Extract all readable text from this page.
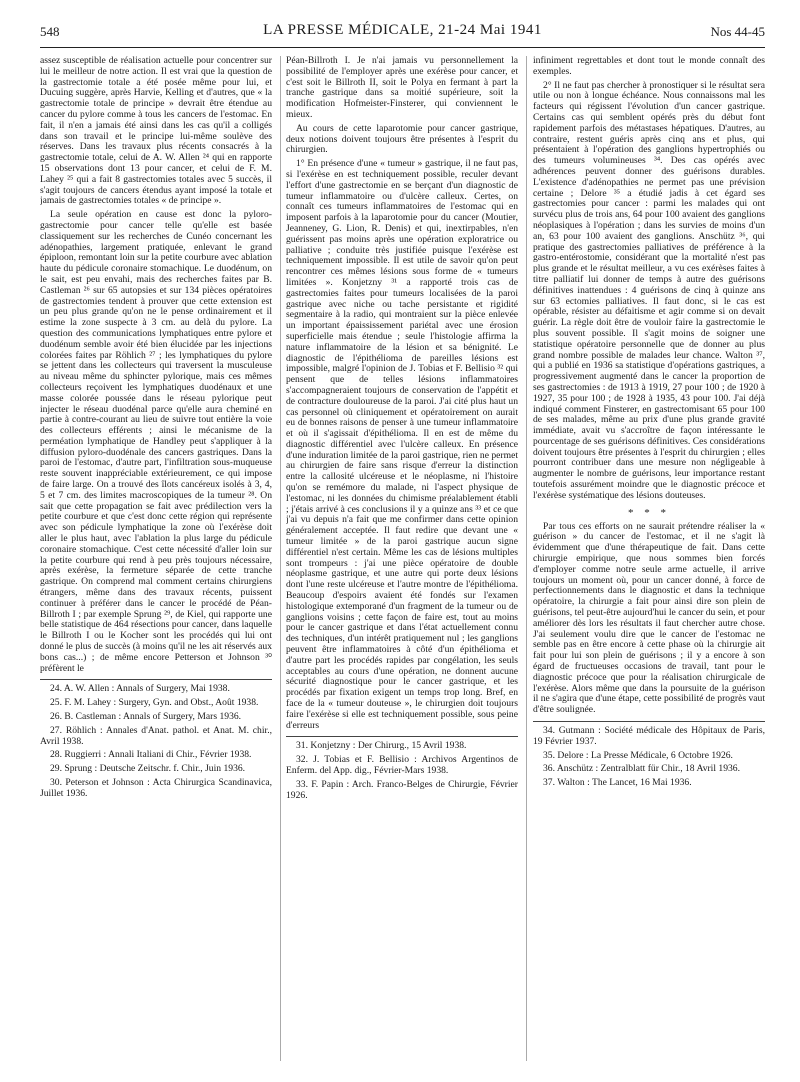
548	LA PRESSE MÉDICALE, 21-24 Mai 1941	Nos 44-45

assez susceptible de réalisation actuelle pour concentrer sur lui le meilleur de notre action. Il est vrai que la question de la gastrectomie totale a été posée même pour lui, et Ducuing suggère, après Harvie, Kelling et d'autres, que « la gastrectomie totale de principe » devrait être étendue au cancer du pylore comme à tous les cancers de l'estomac. En fait, il n'en a jamais été ainsi dans les cas qu'il a colligés dans son travail et le principe lui-même soulève des réserves. Dans les travaux plus récents consacrés à la gastrectomie totale, celui de A. W. Allen ²⁴ qui en rapporte 15 observations dont 13 pour cancer, et celui de F. M. Lahey ²⁵ qui a fait 8 gastrectomies totales avec 5 succès, il s'agit toujours de cancers étendus ayant imposé la totale et jamais de gastrectomies totales « de principe ».

La seule opération en cause est donc la pyloro-gastrectomie pour cancer telle qu'elle est basée classiquement sur les recherches de Cunéo concernant les adénopathies, largement pratiquée, enlevant le grand épiploon, remontant loin sur la petite courbure avec ablation haute du pédicule coronaire stomachique. Le duodénum, on le sait, est peu envahi, mais des recherches faites par B. Castleman ²⁶ sur 65 autopsies et sur 134 pièces opératoires de gastrectomies tendent à prouver que cette extension est un peu plus grande qu'on ne le pense ordinairement et il estime la zone suspecte à 3 cm. au delà du pylore. La question des communications lymphatiques entre pylore et duodénum semble avoir été bien élucidée par les injections colorées faites par Röhlich ²⁷ ; les lymphatiques du pylore se jettent dans les collecteurs qui traversent la musculeuse au niveau même du sphincter pylorique, mais ces mêmes collecteurs reçoivent les lymphatiques duodénaux et une masse colorée poussée dans le réseau pylorique peut injecter le réseau duodénal parce qu'elle aura cheminé en partie à contre-courant au lieu de suivre tout entière la voie des collecteurs efférents ; ainsi le mécanisme de la perméation lymphatique de Handley peut s'appliquer à la diffusion pyloro-duodénale des cancers gastriques. Dans la paroi de l'estomac, d'autre part, l'infiltration sous-muqueuse reste souvent inappréciable extérieurement, ce qui impose de faire large. On a trouvé des îlots cancéreux isolés à 3, 4, 5 et 7 cm. des limites macroscopiques de la tumeur ²⁸. On sait que cette propagation se fait avec prédilection vers la petite courbure et que c'est donc cette région qui représente avec son pédicule lymphatique la zone où l'exérèse doit aller le plus haut, avec l'ablation la plus large du pédicule coronaire stomachique. C'est cette nécessité d'aller loin sur la petite courbure qui rend à peu près toujours nécessaire, après exérèse, la fermeture séparée de cette tranche gastrique. On comprend mal comment certains chirurgiens étrangers, même dans des travaux récents, puissent continuer à préférer dans le cancer le procédé de Péan-Billroth I ; par exemple Sprung ²⁹, de Kiel, qui rapporte une belle statistique de 464 résections pour cancer, dans laquelle le Billroth I ou le Kocher sont les procédés qui lui ont donné le plus de succès (à moins qu'il ne les ait réservés aux bons cas...) ; de même encore Petterson et Johnson ³⁰ préfèrent le

24. A. W. Allen : Annals of Surgery, Mai 1938.

25. F. M. Lahey : Surgery, Gyn. and Obst., Août 1938.

26. B. Castleman : Annals of Surgery, Mars 1936.

27. Röhlich : Annales d'Anat. pathol. et Anat. M. chir., Avril 1938.

28. Ruggierri : Annali Italiani di Chir., Février 1938.

29. Sprung : Deutsche Zeitschr. f. Chir., Juin 1936.

30. Peterson et Johnson : Acta Chirurgica Scandinavica, Juillet 1936.

Péan-Billroth I. Je n'ai jamais vu personnellement la possibilité de l'employer après une exérèse pour cancer, et c'est soit le Billroth II, soit le Polya en fermant à part la tranche gastrique dans sa moitié supérieure, soit la modification Hofmeister-Finsterer, qui conviennent le mieux.

Au cours de cette laparotomie pour cancer gastrique, deux notions doivent toujours être présentes à l'esprit du chirurgien.

1° En présence d'une « tumeur » gastrique, il ne faut pas, si l'exérèse en est techniquement possible, reculer devant l'effort d'une gastrectomie en se berçant d'un diagnostic de tumeur inflammatoire ou d'ulcère calleux. Certes, on connaît ces tumeurs inflammatoires de l'estomac qui en imposent parfois à la laparotomie pour du cancer (Moutier, Jeanneney, G. Lion, R. Denis) et qui, inextirpables, n'en guérissent pas moins après une opération exploratrice ou palliative ; conduite très justifiée puisque l'exérèse est techniquement impossible. Il est utile de savoir qu'on peut rencontrer ces mêmes lésions sous forme de « tumeurs limitées ». Konjetzny ³¹ a rapporté trois cas de gastrectomies faites pour tumeurs localisées de la paroi gastrique avec niche ou tache persistante et rigidité segmentaire à la radio, qui montraient sur la pièce enlevée un important épaississement pariétal avec une érosion superficielle mais étendue ; seule l'histologie affirma la nature inflammatoire de la lésion et sa bénignité. Le diagnostic de l'épithélioma de pareilles lésions est impossible, malgré l'opinion de J. Tobias et F. Bellisio ³² qui pensent que de telles lésions inflammatoires s'accompagneraient toujours de conservation de l'appétit et de contracture douloureuse de la paroi. J'ai cité plus haut un cas personnel où cliniquement et opératoirement on aurait eu de bonnes raisons de penser à une tumeur inflammatoire et où il s'agissait d'épithélioma. Il en est de même du diagnostic différentiel avec l'ulcère calleux. En présence d'une induration limitée de la paroi gastrique, rien ne permet au chirurgien de faire sans risque d'erreur la distinction entre la callosité ulcéreuse et le néoplasme, ni l'histoire qu'on se remémore du malade, ni l'aspect physique de l'estomac, ni les données du chimisme préalablement établi ; j'étais arrivé à ces conclusions il y a quinze ans ³³ et ce que j'ai vu depuis n'a fait que me confirmer dans cette opinion généralement acceptée. Il faut redire que devant une « tumeur limitée » de la paroi gastrique aucun signe différentiel n'est certain. Même les cas de lésions multiples sont trompeurs : j'ai une pièce opératoire de double néoplasme gastrique, et une autre qui porte deux lésions dont l'une reste ulcéreuse et l'autre montre de l'épithélioma. Beaucoup d'espoirs avaient été fondés sur l'examen histologique extemporané d'un fragment de la tumeur ou de ganglions voisins ; cette façon de faire est, tout au moins pour le cancer gastrique et dans l'état actuellement connu des techniques, d'un intérêt pratiquement nul ; les ganglions peuvent être inflammatoires à côté d'un épithélioma et d'autre part les procédés rapides par congélation, les seuls acceptables au cours d'une opération, ne donnent aucune sécurité diagnostique pour le cancer gastrique, et les procédés par fixation exigent un temps trop long. Bref, en face de la « tumeur douteuse », le chirurgien doit toujours faire l'exérèse si elle est techniquement possible, sous peine d'erreurs

31. Konjetzny : Der Chirurg., 15 Avril 1938.

32. J. Tobias et F. Bellisio : Archivos Argentinos de Enferm. del App. dig., Février-Mars 1938.

33. F. Papin : Arch. Franco-Belges de Chirurgie, Février 1926.

infiniment regrettables et dont tout le monde connaît des exemples.

2° Il ne faut pas chercher à pronostiquer si le résultat sera utile ou non à longue échéance. Nous connaissons mal les facteurs qui régissent l'évolution d'un cancer gastrique. Certains cas qui semblent opérés près du début font rapidement parfois des métastases hépatiques. D'autres, au contraire, restent guéris après cinq ans et plus, qui présentaient à l'opération des ganglions hypertrophiés ou des tumeurs volumineuses ³⁴. Des cas opérés avec adhérences peuvent donner des guérisons durables. L'existence d'adénopathies ne permet pas une prévision certaine ; Delore ³⁵ a étudié jadis à cet égard ses gastrectomies pour cancer : parmi les malades qui ont survécu plus de trois ans, 64 pour 100 avaient des ganglions néoplasiques à l'opération ; dans les survies de moins d'un an, 63 pour 100 avaient des ganglions. Anschütz ³⁶, qui pratique des gastrectomies palliatives de préférence à la gastro-entérostomie, considérant que la mortalité n'est pas plus grande et le résultat meilleur, a vu ces exérèses faites à titre palliatif lui donner de temps à autre des guérisons définitives inattendues : 4 guérisons de cinq à quinze ans sur 63 ectomies palliatives. Il faut donc, si le cas est opérable, résister au défaitisme et agir comme si on devait guérir. La règle doit être de vouloir faire la gastrectomie le plus souvent possible. Il s'agit moins de soigner une statistique opératoire personnelle que de donner au plus grand nombre possible de malades leur chance. Walton ³⁷, qui a publié en 1936 sa statistique d'opérations gastriques, a progressivement augmenté dans le cancer la proportion de ses gastrectomies : de 1913 à 1919, 27 pour 100 ; de 1920 à 1927, 35 pour 100 ; de 1928 à 1935, 43 pour 100. J'ai déjà indiqué comment Finsterer, en gastrectomisant 65 pour 100 de ses malades, même au prix d'une plus grande gravité immédiate, avait vu s'accroître de façon intéressante le pourcentage de ses guérisons définitives. Ces considérations doivent toujours être présentes à l'esprit du chirurgien ; elles pourront contribuer dans une mesure non négligeable à augmenter le nombre de guérisons, leur importance restant toutefois assurément moindre que le diagnostic précoce et l'exérèse systématique des lésions douteuses.

* * *

Par tous ces efforts on ne saurait prétendre réaliser la « guérison » du cancer de l'estomac, et il ne s'agit là évidemment que d'une thérapeutique de fait. Dans cette chirurgie empirique, que nous sommes bien forcés d'employer comme notre seule arme actuelle, il arrive toujours un moment où, pour un cancer donné, à force de perfectionnements dans le diagnostic et dans la technique opératoire, la chirurgie a fait pour ainsi dire son plein de guérisons, tel peut-être aujourd'hui le cancer du sein, et pour améliorer dès lors les résultats il faut chercher autre chose. J'ai seulement voulu dire que le cancer de l'estomac ne semble pas en être encore à cette phase où la chirurgie ait fait pour lui son plein de guérisons ; il y a encore à son égard de fructueuses occasions de travail, tant pour le diagnostic précoce que pour la réalisation chirurgicale de l'exérèse. Alors même que dans la poursuite de la guérison il ne s'agira que d'une étape, cette possibilité de progrès vaut d'être soulignée.

34. Gutmann : Société médicale des Hôpitaux de Paris, 19 Février 1937.

35. Delore : La Presse Médicale, 6 Octobre 1926.

36. Anschütz : Zentralblatt für Chir., 18 Avril 1936.

37. Walton : The Lancet, 16 Mai 1936.
